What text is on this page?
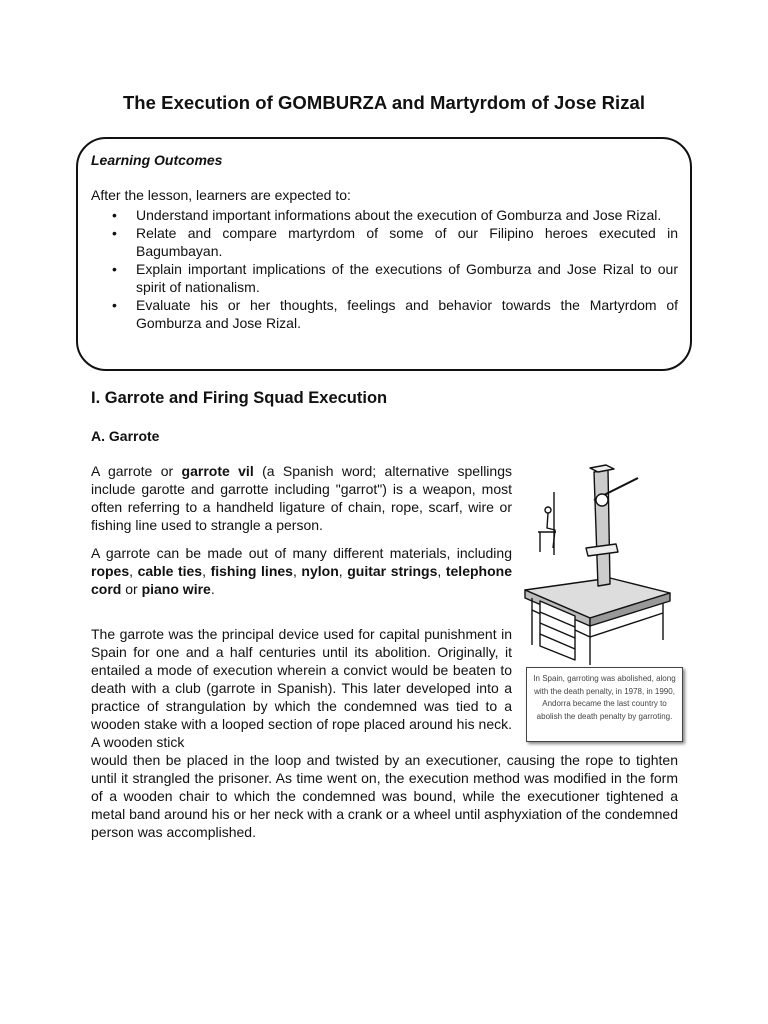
The Execution of GOMBURZA and Martyrdom of Jose Rizal
Learning Outcomes
After the lesson, learners are expected to:
• Understand important informations about the execution of Gomburza and Jose Rizal.
• Relate and compare martyrdom of some of our Filipino heroes executed in Bagumbayan.
• Explain important implications of the executions of Gomburza and Jose Rizal to our spirit of nationalism.
• Evaluate his or her thoughts, feelings and behavior towards the Martyrdom of Gomburza and Jose Rizal.
I. Garrote and Firing Squad Execution
A. Garrote

A garrote or garrote vil (a Spanish word; alternative spellings include garotte and garrotte including "garrot") is a weapon, most often referring to a handheld ligature of chain, rope, scarf, wire or fishing line used to strangle a person.

A garrote can be made out of many different materials, including ropes, cable ties, fishing lines, nylon, guitar strings, telephone cord or piano wire.

The garrote was the principal device used for capital punishment in Spain for one and a half centuries until its abolition. Originally, it entailed a mode of execution wherein a convict would be beaten to death with a club (garrote in Spanish). This later developed into a practice of strangulation by which the condemned was tied to a wooden stake with a looped section of rope placed around his neck. A wooden stick

would then be placed in the loop and twisted by an executioner, causing the rope to tighten until it strangled the prisoner. As time went on, the execution method was modified in the form of a wooden chair to which the condemned was bound, while the executioner tightened a metal band around his or her neck with a crank or a wheel until asphyxiation of the condemned person was accomplished.

In Spain, garroting was abolished, along with the death penalty, in 1978, in 1990, Andorra became the last country to abolish the death penalty by garroting.
